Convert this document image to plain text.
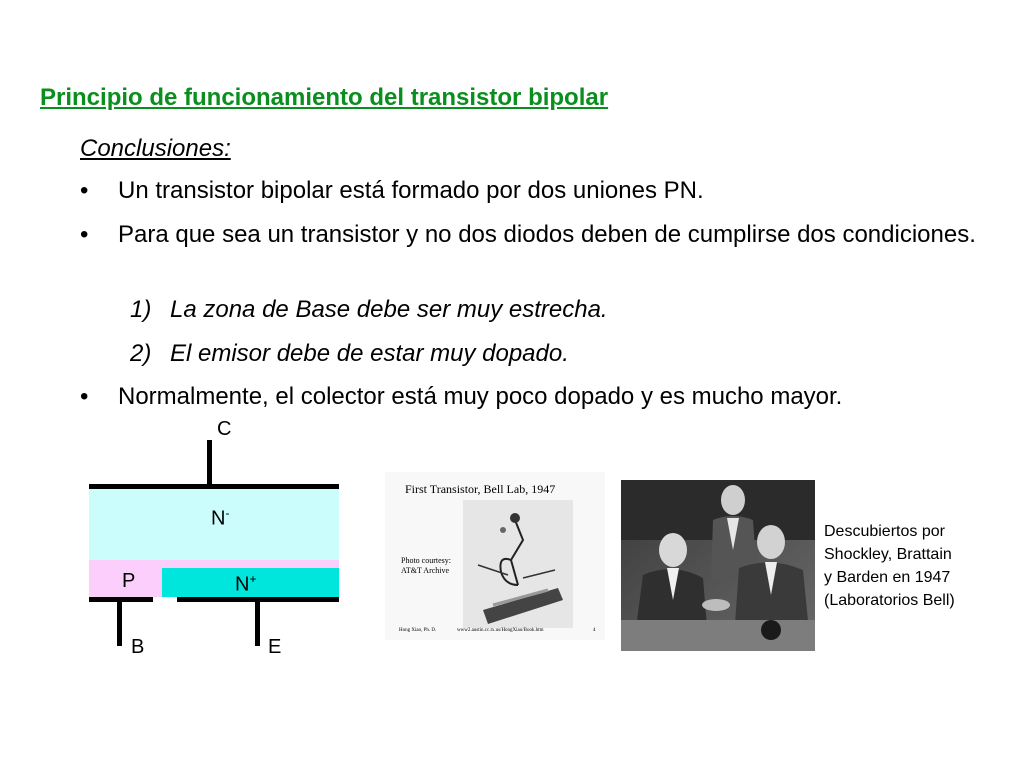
Principio de funcionamiento del transistor bipolar
Conclusiones:
•	Un transistor bipolar está formado por dos uniones PN.
•	Para que sea un transistor y no dos diodos deben de cumplirse dos condiciones.
1) La zona de Base debe ser muy estrecha.
2) El emisor debe de estar muy dopado.
•	Normalmente, el colector está muy poco dopado y es mucho mayor.
C
N-
P	N+
B	E
First Transistor, Bell Lab, 1947
Photo courtesy:
AT&T Archive
Hong Xiao, Ph. D.	www2.austin.cc.tx.us/HongXiao/Book.htm	4
Descubiertos por
Shockley, Brattain
y Barden en 1947
(Laboratorios Bell)
